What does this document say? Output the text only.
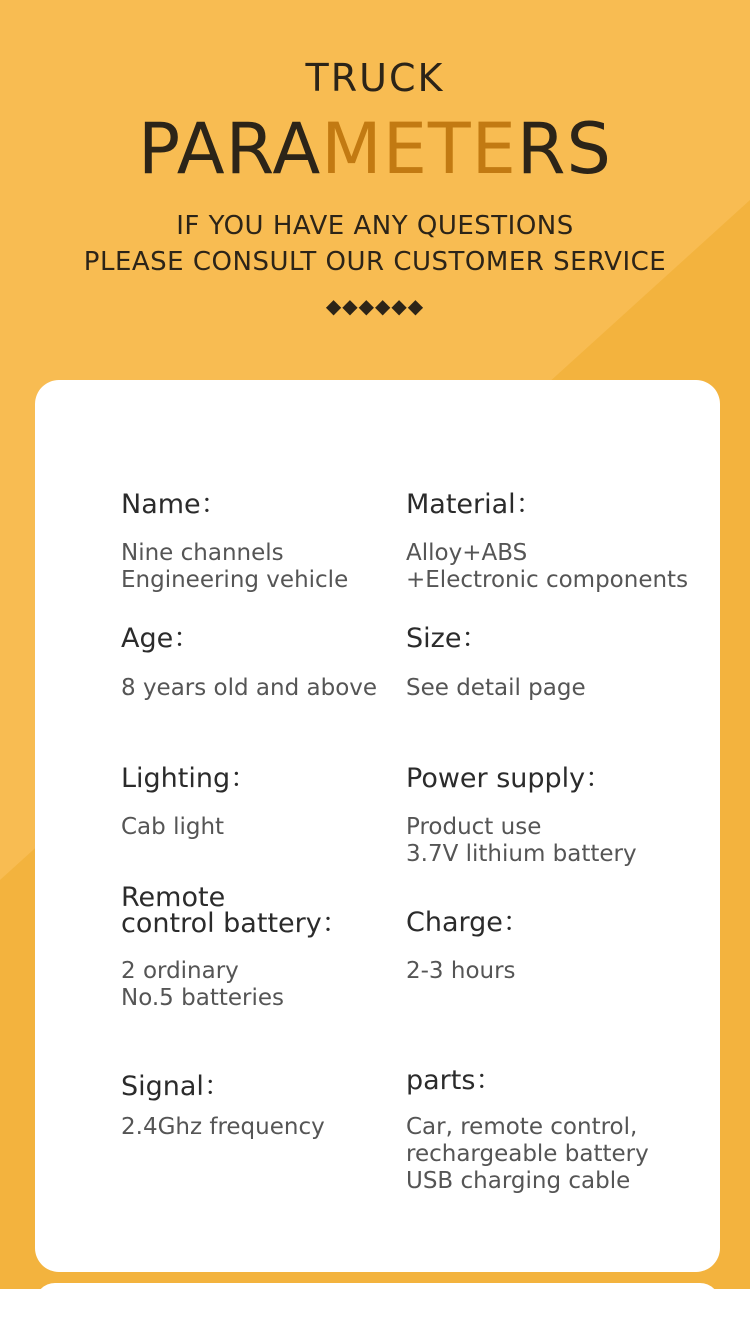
TRUCK
PARAMETERS
IF YOU HAVE ANY QUESTIONS
PLEASE CONSULT OUR CUSTOMER SERVICE
◆◆◆◆◆◆
Name：
Nine channels
Engineering vehicle
Material：
Alloy+ABS
+Electronic components
Age：
8 years old and above
Size：
See detail page
Lighting：
Cab light
Power supply：
Product use
3.7V lithium battery
Remote
control battery：
2 ordinary
No.5 batteries
Charge：
2-3 hours
Signal：
2.4Ghz frequency
parts：
Car, remote control,
rechargeable battery
USB charging cable
